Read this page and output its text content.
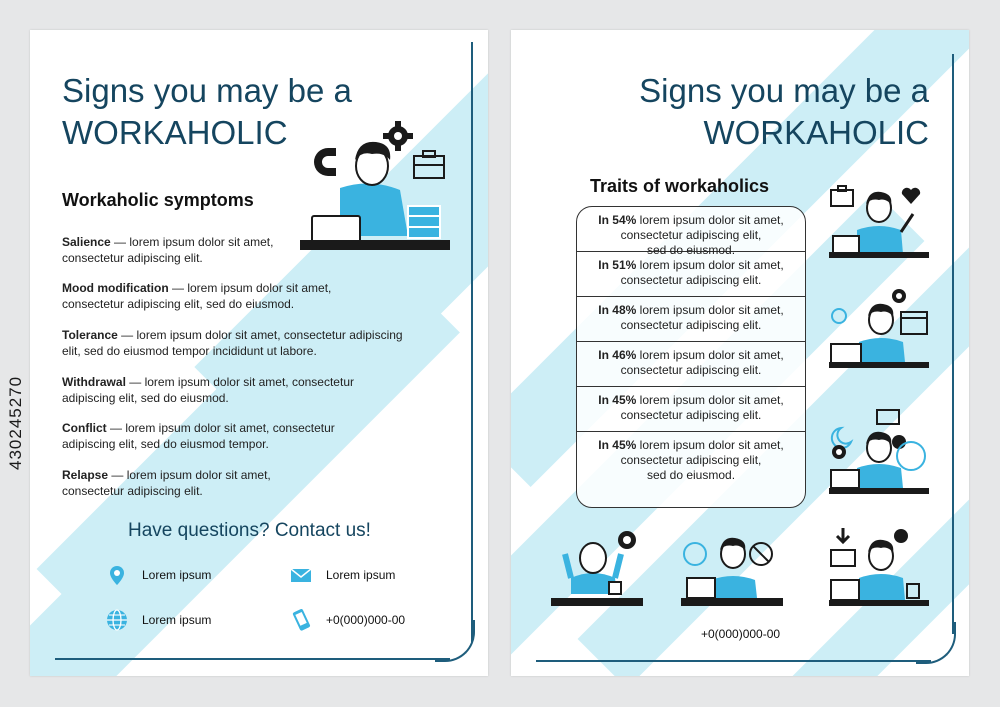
Signs you may be a
WORKAHOLIC
Workaholic symptoms
Salience — lorem ipsum dolor sit amet,
consectetur adipiscing elit.
Mood modification — lorem ipsum dolor sit amet,
consectetur adipiscing elit, sed do eiusmod.
Tolerance — lorem ipsum dolor sit amet, consectetur adipiscing
elit, sed do eiusmod tempor incididunt ut labore.
Withdrawal — lorem ipsum dolor sit amet, consectetur
adipiscing elit, sed do eiusmod.
Conflict — lorem ipsum dolor sit amet, consectetur
adipiscing elit, sed do eiusmod tempor.
Relapse — lorem ipsum dolor sit amet,
consectetur adipiscing elit.
Have questions? Contact us!
Lorem ipsum	Lorem ipsum
Lorem ipsum	+0(000)000-00
Signs you may be a
WORKAHOLIC
Traits of workaholics
In 54% lorem ipsum dolor sit amet,
consectetur adipiscing elit,
sed do eiusmod.
In 51% lorem ipsum dolor sit amet,
consectetur adipiscing elit.
In 48% lorem ipsum dolor sit amet,
consectetur adipiscing elit.
In 46% lorem ipsum dolor sit amet,
consectetur adipiscing elit.
In 45% lorem ipsum dolor sit amet,
consectetur adipiscing elit.
In 45% lorem ipsum dolor sit amet,
consectetur adipiscing elit,
sed do eiusmod.
+0(000)000-00
430245270
